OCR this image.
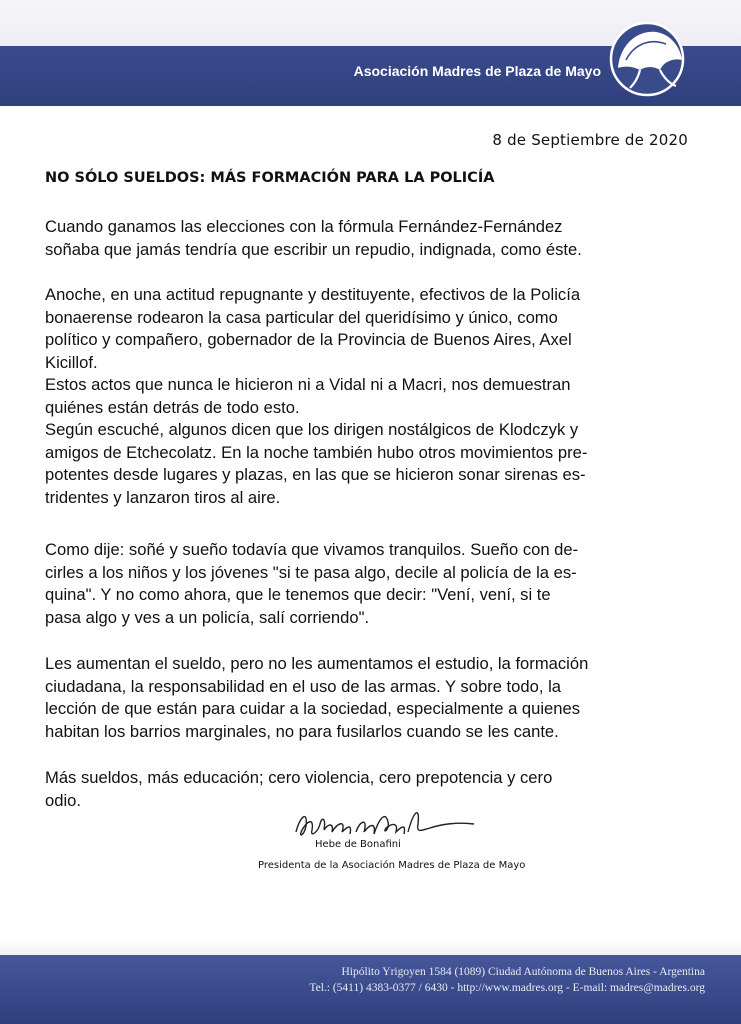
Asociación Madres de Plaza de Mayo
8 de Septiembre de 2020
NO SÓLO SUELDOS: MÁS FORMACIÓN PARA LA POLICÍA

Cuando ganamos las elecciones con la fórmula Fernández-Fernández
soñaba que jamás tendría que escribir un repudio, indignada, como éste.

Anoche, en una actitud repugnante y destituyente, efectivos de la Policía
bonaerense rodearon la casa particular del queridísimo y único, como
político y compañero, gobernador de la Provincia de Buenos Aires, Axel
Kicillof.
Estos actos que nunca le hicieron ni a Vidal ni a Macri, nos demuestran
quiénes están detrás de todo esto.
Según escuché, algunos dicen que los dirigen nostálgicos de Klodczyk y
amigos de Etchecolatz. En la noche también hubo otros movimientos pre-
potentes desde lugares y plazas, en las que se hicieron sonar sirenas es-
tridentes y lanzaron tiros al aire.

Como dije: soñé y sueño todavía que vivamos tranquilos. Sueño con de-
cirles a los niños y los jóvenes "si te pasa algo, decile al policía de la es-
quina". Y no como ahora, que le tenemos que decir: "Vení, vení, si te
pasa algo y ves a un policía, salí corriendo".

Les aumentan el sueldo, pero no les aumentamos el estudio, la formación
ciudadana, la responsabilidad en el uso de las armas. Y sobre todo, la
lección de que están para cuidar a la sociedad, especialmente a quienes
habitan los barrios marginales, no para fusilarlos cuando se les cante.

Más sueldos, más educación; cero violencia, cero prepotencia y cero
odio.

Hebe de Bonafini
Presidenta de la Asociación Madres de Plaza de Mayo
Hipólito Yrigoyen 1584 (1089) Ciudad Autónoma de Buenos Aires - Argentina
Tel.: (5411) 4383-0377 / 6430 - http://www.madres.org - E-mail: madres@madres.org
